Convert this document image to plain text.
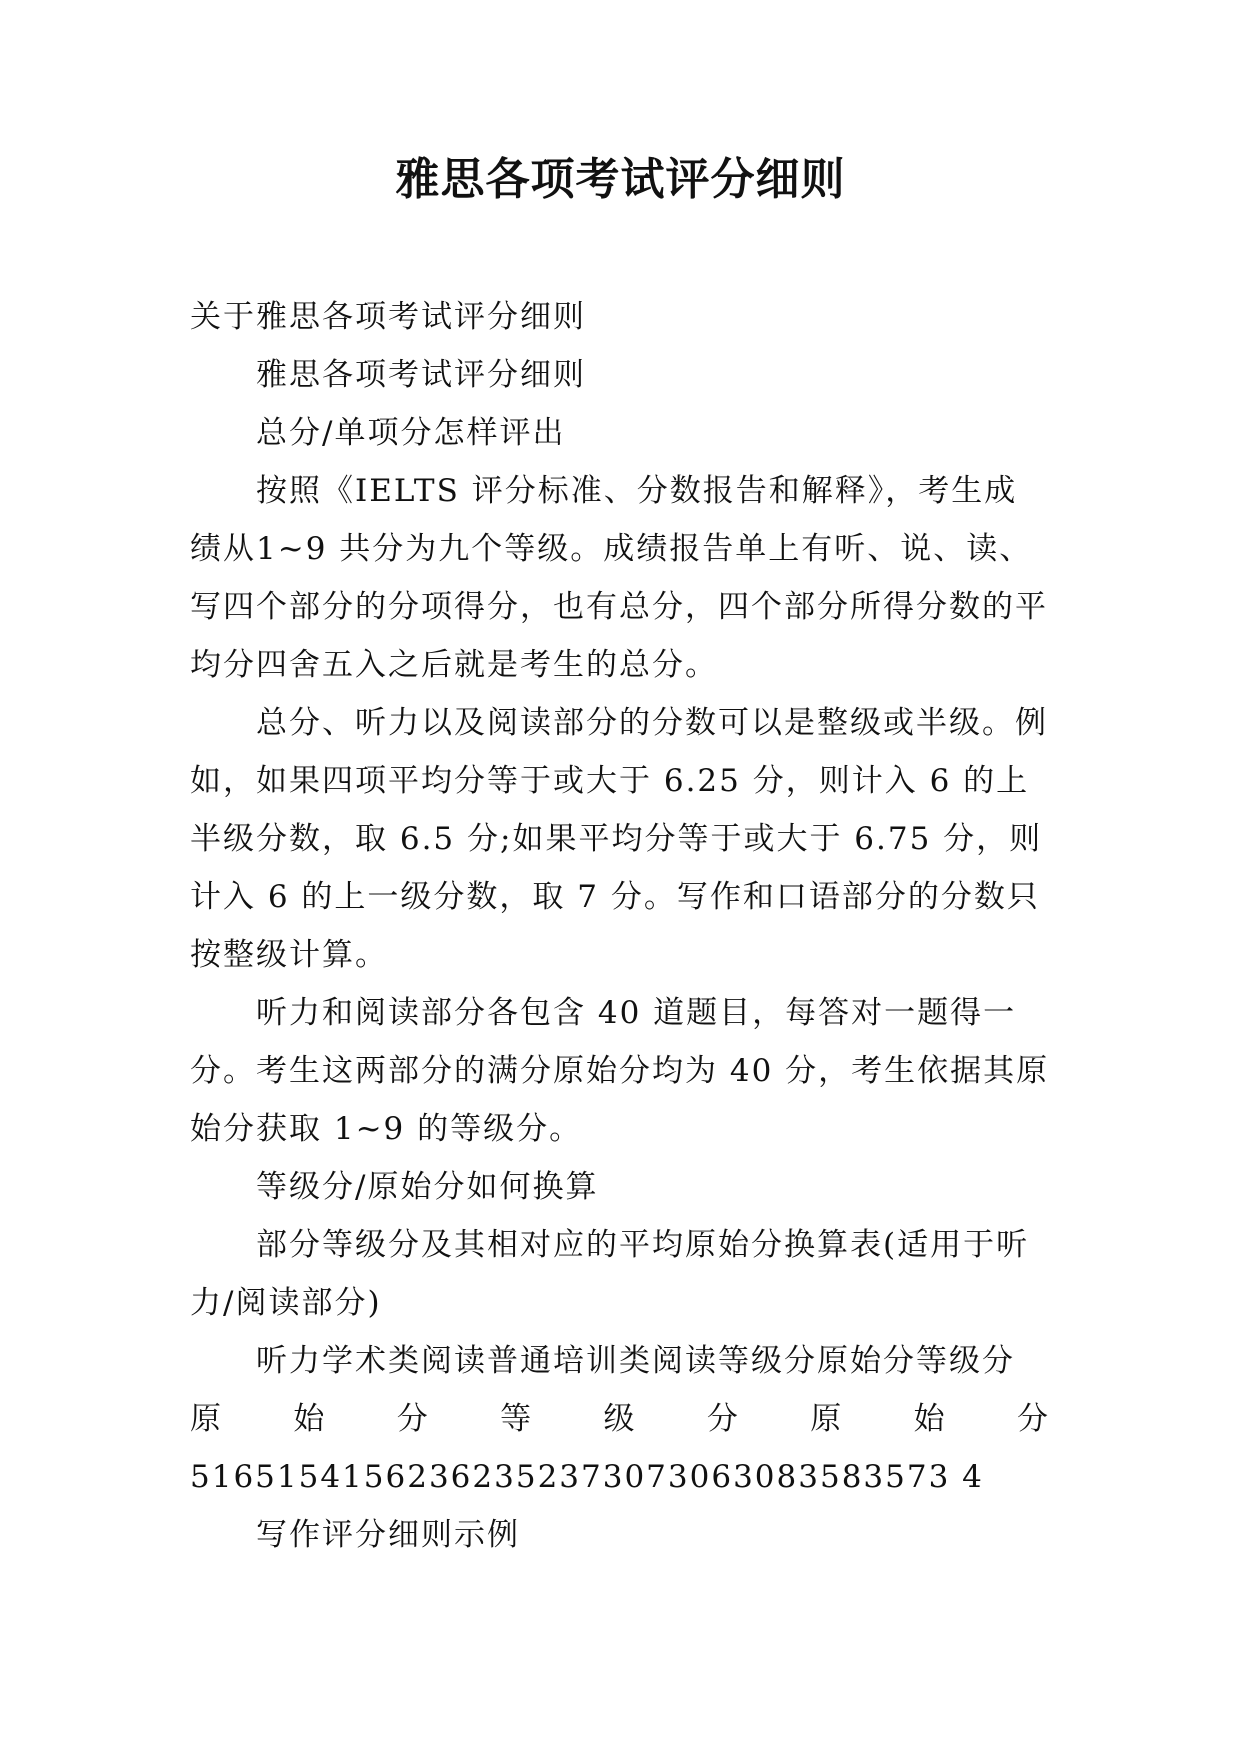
雅思各项考试评分细则

关于雅思各项考试评分细则

雅思各项考试评分细则

总分/单项分怎样评出

按照《IELTS 评分标准、分数报告和解释》，考生成绩从1~9 共分为九个等级。成绩报告单上有听、说、读、写四个部分的分项得分，也有总分，四个部分所得分数的平均分四舍五入之后就是考生的总分。

总分、听力以及阅读部分的分数可以是整级或半级。例如，如果四项平均分等于或大于 6.25 分，则计入 6 的上半级分数，取 6.5 分;如果平均分等于或大于 6.75 分，则计入 6 的上一级分数，取 7 分。写作和口语部分的分数只按整级计算。

听力和阅读部分各包含 40 道题目，每答对一题得一分。考生这两部分的满分原始分均为 40 分，考生依据其原始分获取 1~9 的等级分。

等级分/原始分如何换算

部分等级分及其相对应的平均原始分换算表(适用于听力/阅读部分)

听力学术类阅读普通培训类阅读等级分原始分等级分

原 始 分 等 级 分 原 始 分

51651541562362352373073063083583573 4

写作评分细则示例
